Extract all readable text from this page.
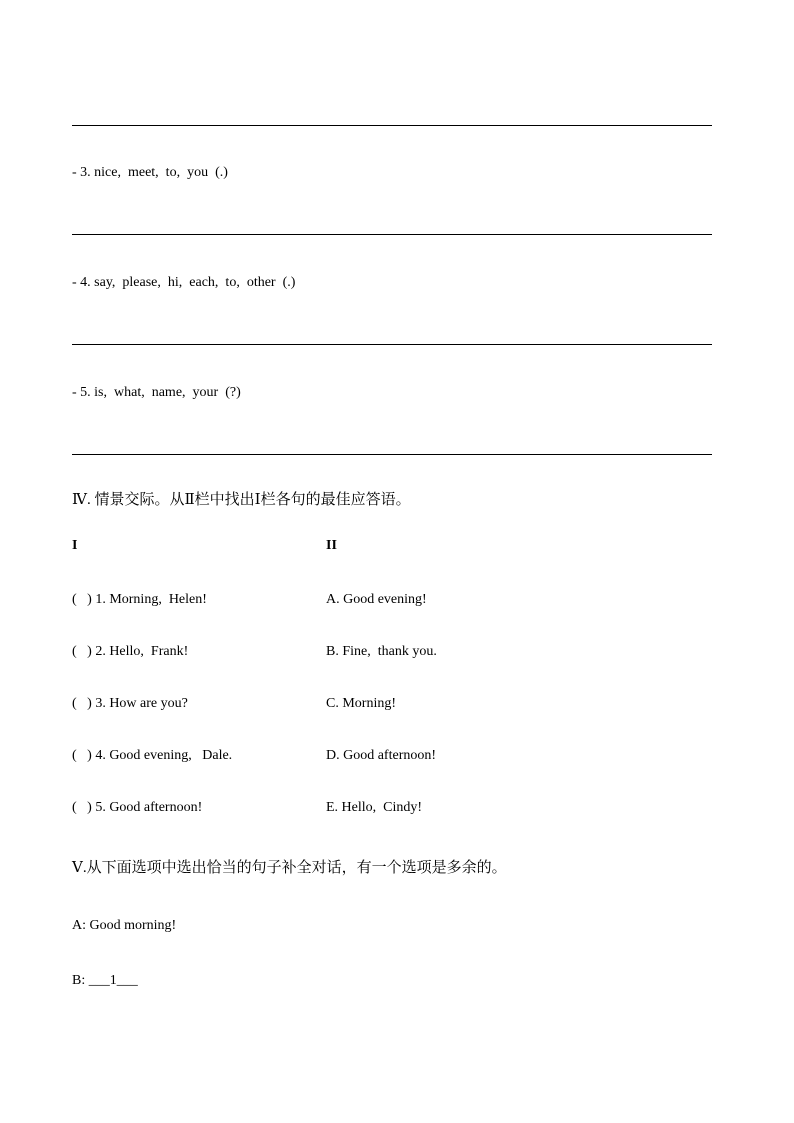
- 3. nice,  meet,  to,  you  (.)
- 4. say,  please,  hi,  each,  to,  other  (.)
- 5. is,  what,  name,  your  (?)
Ⅳ. 情景交际。从Ⅱ栏中找出Ⅰ栏各句的最佳应答语。
I	II
(   ) 1. Morning,  Helen!	A. Good evening!
(   ) 2. Hello,  Frank!	B. Fine,  thank you.
(   ) 3. How are you?	C. Morning!
(   ) 4. Good evening,   Dale.	D. Good afternoon!
(   ) 5. Good afternoon!	E. Hello,  Cindy!
Ⅴ.从下面选项中选出恰当的句子补全对话，有一个选项是多余的。
A: Good morning!
B: ___1___
